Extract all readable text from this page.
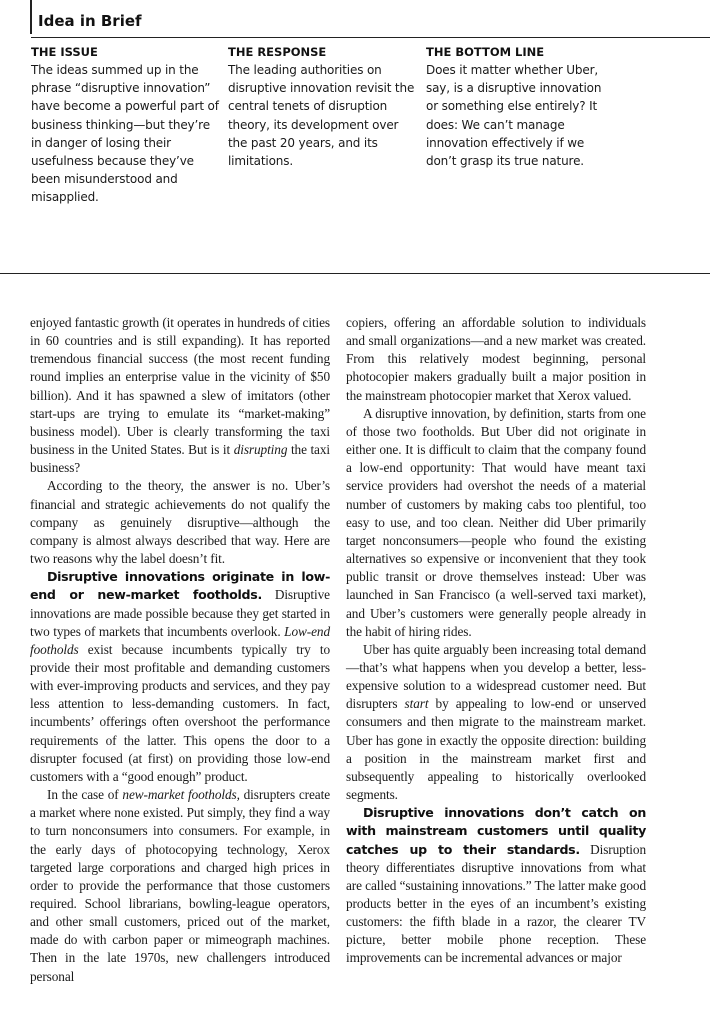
Idea in Brief
THE ISSUE

The ideas summed up in the phrase “disruptive innovation” have become a powerful part of business thinking—but they’re in danger of losing their usefulness because they’ve been misunderstood and misapplied.

THE RESPONSE

The leading authorities on disruptive innovation revisit the central tenets of disruption theory, its development over the past 20 years, and its limitations.

THE BOTTOM LINE

Does it matter whether Uber, say, is a disruptive innovation or something else entirely? It does: We can’t manage innovation effectively if we don’t grasp its true nature.

enjoyed fantastic growth (it operates in hundreds of cities in 60 countries and is still expanding). It has reported tremendous financial success (the most recent funding round implies an enterprise value in the vicinity of $50 billion). And it has spawned a slew of imitators (other start-ups are trying to emulate its “market-making” business model). Uber is clearly transforming the taxi business in the United States. But is it disrupting the taxi business?

According to the theory, the answer is no. Uber’s financial and strategic achievements do not qualify the company as genuinely disruptive—although the company is almost always described that way. Here are two reasons why the label doesn’t fit.

Disruptive innovations originate in low-end or new-market footholds. Disruptive innovations are made possible because they get started in two types of markets that incumbents overlook. Low-end footholds exist because incumbents typically try to provide their most profitable and demanding customers with ever-improving products and services, and they pay less attention to less-demanding customers. In fact, incumbents’ offerings often overshoot the performance requirements of the latter. This opens the door to a disrupter focused (at first) on providing those low-end customers with a “good enough” product.

In the case of new-market footholds, disrupters create a market where none existed. Put simply, they find a way to turn nonconsumers into consumers. For example, in the early days of photocopying technology, Xerox targeted large corporations and charged high prices in order to provide the performance that those customers required. School librarians, bowling-league operators, and other small customers, priced out of the market, made do with carbon paper or mimeograph machines. Then in the late 1970s, new challengers introduced personal

copiers, offering an affordable solution to individuals and small organizations—and a new market was created. From this relatively modest beginning, personal photocopier makers gradually built a major position in the mainstream photocopier market that Xerox valued.

A disruptive innovation, by definition, starts from one of those two footholds. But Uber did not originate in either one. It is difficult to claim that the company found a low-end opportunity: That would have meant taxi service providers had overshot the needs of a material number of customers by making cabs too plentiful, too easy to use, and too clean. Neither did Uber primarily target nonconsumers—people who found the existing alternatives so expensive or inconvenient that they took public transit or drove themselves instead: Uber was launched in San Francisco (a well-served taxi market), and Uber’s customers were generally people already in the habit of hiring rides.

Uber has quite arguably been increasing total demand—that’s what happens when you develop a better, less-expensive solution to a widespread customer need. But disrupters start by appealing to low-end or unserved consumers and then migrate to the mainstream market. Uber has gone in exactly the opposite direction: building a position in the mainstream market first and subsequently appealing to historically overlooked segments.

Disruptive innovations don’t catch on with mainstream customers until quality catches up to their standards. Disruption theory differentiates disruptive innovations from what are called “sustaining innovations.” The latter make good products better in the eyes of an incumbent’s existing customers: the fifth blade in a razor, the clearer TV picture, better mobile phone reception. These improvements can be incremental advances or major
